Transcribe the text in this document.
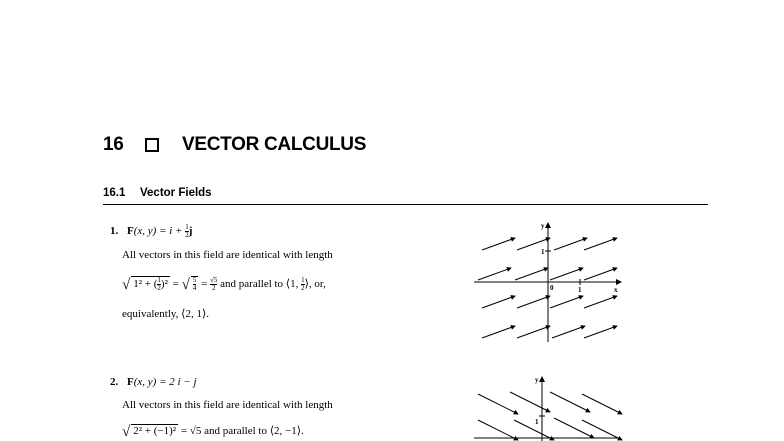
16	VECTOR CALCULUS
16.1 Vector Fields
1. F(x, $y) = i + \frac{1}{2}$ j
All vectors in this field are identical with length
√ 1² + ( $\frac{1}{2} )^2$ = √ $\frac{5}{4} = \frac{√5}{2}$ and parallel to ⟨1, $\frac{1}{2}$ ⟩, or,
equivalently, ⟨2, 1⟩.
2. F(x, y) = 2 i − j
All vectors in this field are identical with length
√ 2² + (−1)² = √5 and parallel to ⟨2, −1⟩.
y
x
0	1
1
y
1
